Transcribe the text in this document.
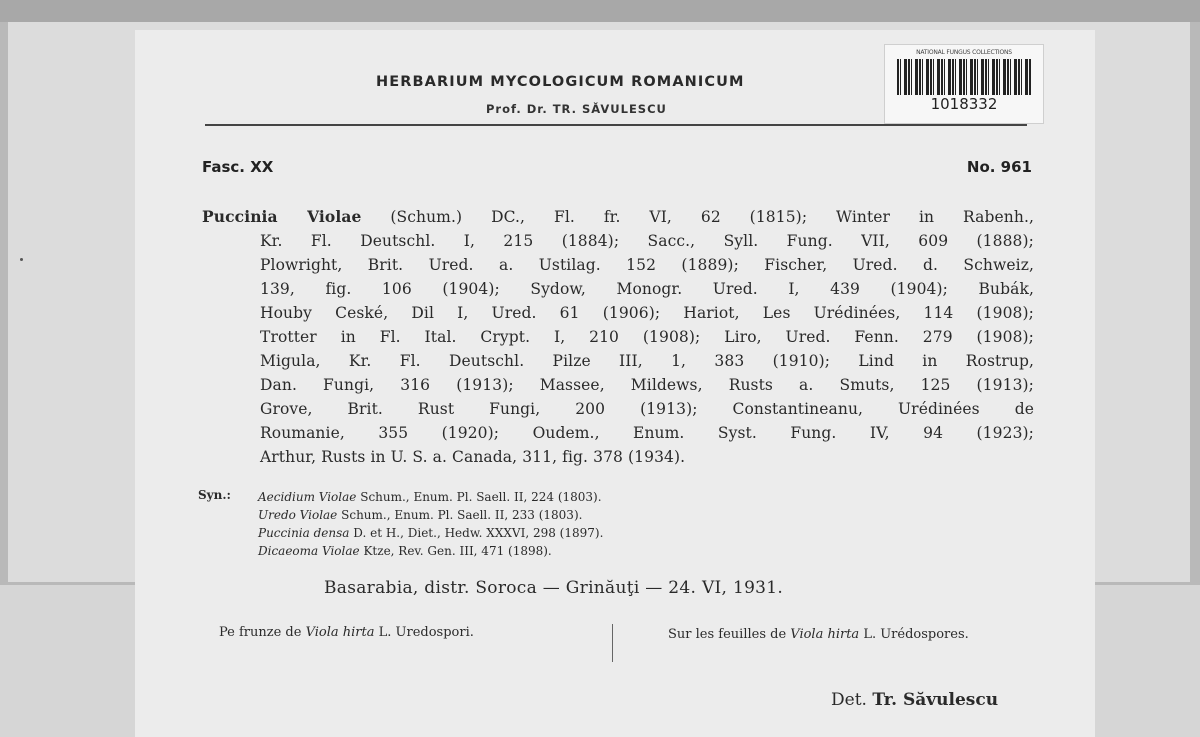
NATIONAL FUNGUS COLLECTIONS
1018332
HERBARIUM MYCOLOGICUM ROMANICUM
Prof. Dr. TR. SĂVULESCU
Fasc. XX	No. 961
Puccinia Violae (Schum.) DC., Fl. fr. VI, 62 (1815); Winter in Rabenh.,
Kr. Fl. Deutschl. I, 215 (1884); Sacc., Syll. Fung. VII, 609 (1888);
Plowright, Brit. Ured. a. Ustilag. 152 (1889); Fischer, Ured. d. Schweiz,
139, fig. 106 (1904); Sydow, Monogr. Ured. I, 439 (1904); Bubák,
Houby Ceské, Dil I, Ured. 61 (1906); Hariot, Les Urédinées, 114 (1908);
Trotter in Fl. Ital. Crypt. I, 210 (1908); Liro, Ured. Fenn. 279 (1908);
Migula, Kr. Fl. Deutschl. Pilze III, 1, 383 (1910); Lind in Rostrup,
Dan. Fungi, 316 (1913); Massee, Mildews, Rusts a. Smuts, 125 (1913);
Grove, Brit. Rust Fungi, 200 (1913); Constantineanu, Urédinées de
Roumanie, 355 (1920); Oudem., Enum. Syst. Fung. IV, 94 (1923);
Arthur, Rusts in U. S. a. Canada, 311, fig. 378 (1934).
Syn.: Aecidium Violae Schum., Enum. Pl. Saell. II, 224 (1803).
Uredo Violae Schum., Enum. Pl. Saell. II, 233 (1803).
Puccinia densa D. et H., Diet., Hedw. XXXVI, 298 (1897).
Dicaeoma Violae Ktze, Rev. Gen. III, 471 (1898).
Basarabia, distr. Soroca — Grinăuţi — 24. VI, 1931.
Pe frunze de Viola hirta L. Uredospori.	Sur les feuilles de Viola hirta L. Urédospores.
Det. Tr. Săvulescu
